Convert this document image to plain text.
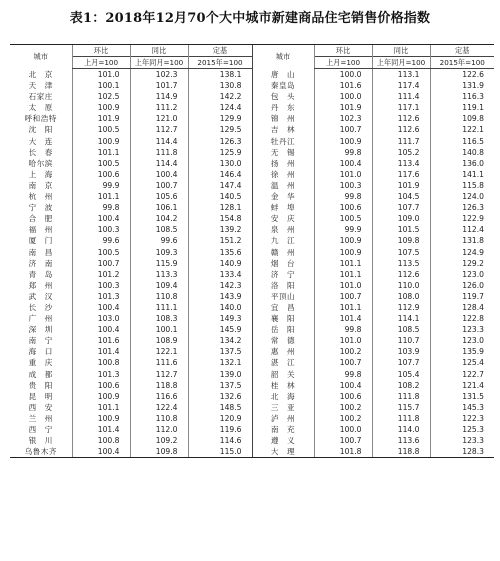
表1：2018年12月70个大中城市新建商品住宅销售价格指数
城市	环比	同比	定基	城市	环比	同比	定基
	上月=100	上年同月=100	2015年=100		上月=100	上年同月=100	2015年=100
北　京	101.0	102.3	138.1	唐　山	100.0	113.1	122.6
天　津	100.1	101.7	130.8	秦皇岛	101.6	117.4	131.9
石家庄	102.5	114.9	142.2	包　头	100.0	111.4	116.3
太　原	100.9	111.2	124.4	丹　东	101.9	117.1	119.1
呼和浩特	101.9	121.0	129.9	锦　州	102.3	112.6	109.8
沈　阳	100.5	112.7	129.5	吉　林	100.7	112.6	122.1
大　连	100.9	114.4	126.3	牡丹江	100.9	111.7	116.5
长　春	101.1	111.8	125.9	无　锡	99.8	105.2	140.8
哈尔滨	100.5	114.4	130.0	扬　州	100.4	113.4	136.0
上　海	100.6	100.4	146.4	徐　州	101.0	117.6	141.1
南　京	99.9	100.7	147.4	温　州	100.3	101.9	115.8
杭　州	101.1	105.6	140.5	金　华	99.8	104.5	124.0
宁　波	99.8	106.1	128.1	蚌　埠	100.6	107.7	126.3
合　肥	100.4	104.2	154.8	安　庆	100.5	109.0	122.9
福　州	100.3	108.5	139.2	泉　州	99.9	101.5	112.4
厦　门	99.6	99.6	151.2	九　江	100.9	109.8	131.8
南　昌	100.5	109.3	135.6	赣　州	100.9	107.5	124.9
济　南	100.7	115.9	140.9	烟　台	101.1	113.5	129.2
青　岛	101.2	113.3	133.4	济　宁	101.1	112.6	123.0
郑　州	100.3	109.4	142.3	洛　阳	101.0	110.0	126.0
武　汉	101.3	110.8	143.9	平顶山	100.7	108.0	119.7
长　沙	100.4	111.1	140.0	宜　昌	101.1	112.9	128.4
广　州	103.0	108.3	149.3	襄　阳	101.4	114.1	122.8
深　圳	100.4	100.1	145.9	岳　阳	99.8	108.5	123.3
南　宁	101.6	108.9	134.2	常　德	101.0	110.7	123.0
海　口	101.4	122.1	137.5	惠　州	100.2	103.9	135.9
重　庆	100.8	111.6	132.1	湛　江	100.7	107.7	125.4
成　都	101.3	112.7	139.0	韶　关	99.8	105.4	122.7
贵　阳	100.6	118.8	137.5	桂　林	100.4	108.2	121.4
昆　明	100.9	116.6	132.6	北　海	100.6	111.8	131.5
西　安	101.1	122.4	148.5	三　亚	100.2	115.7	145.3
兰　州	100.9	110.8	120.9	泸　州	100.2	111.8	122.3
西　宁	101.4	112.0	119.6	南　充	100.0	114.0	125.3
银　川	100.8	109.2	114.6	遵　义	100.7	113.6	123.3
乌鲁木齐	100.4	109.8	115.0	大　理	101.8	118.8	128.3
